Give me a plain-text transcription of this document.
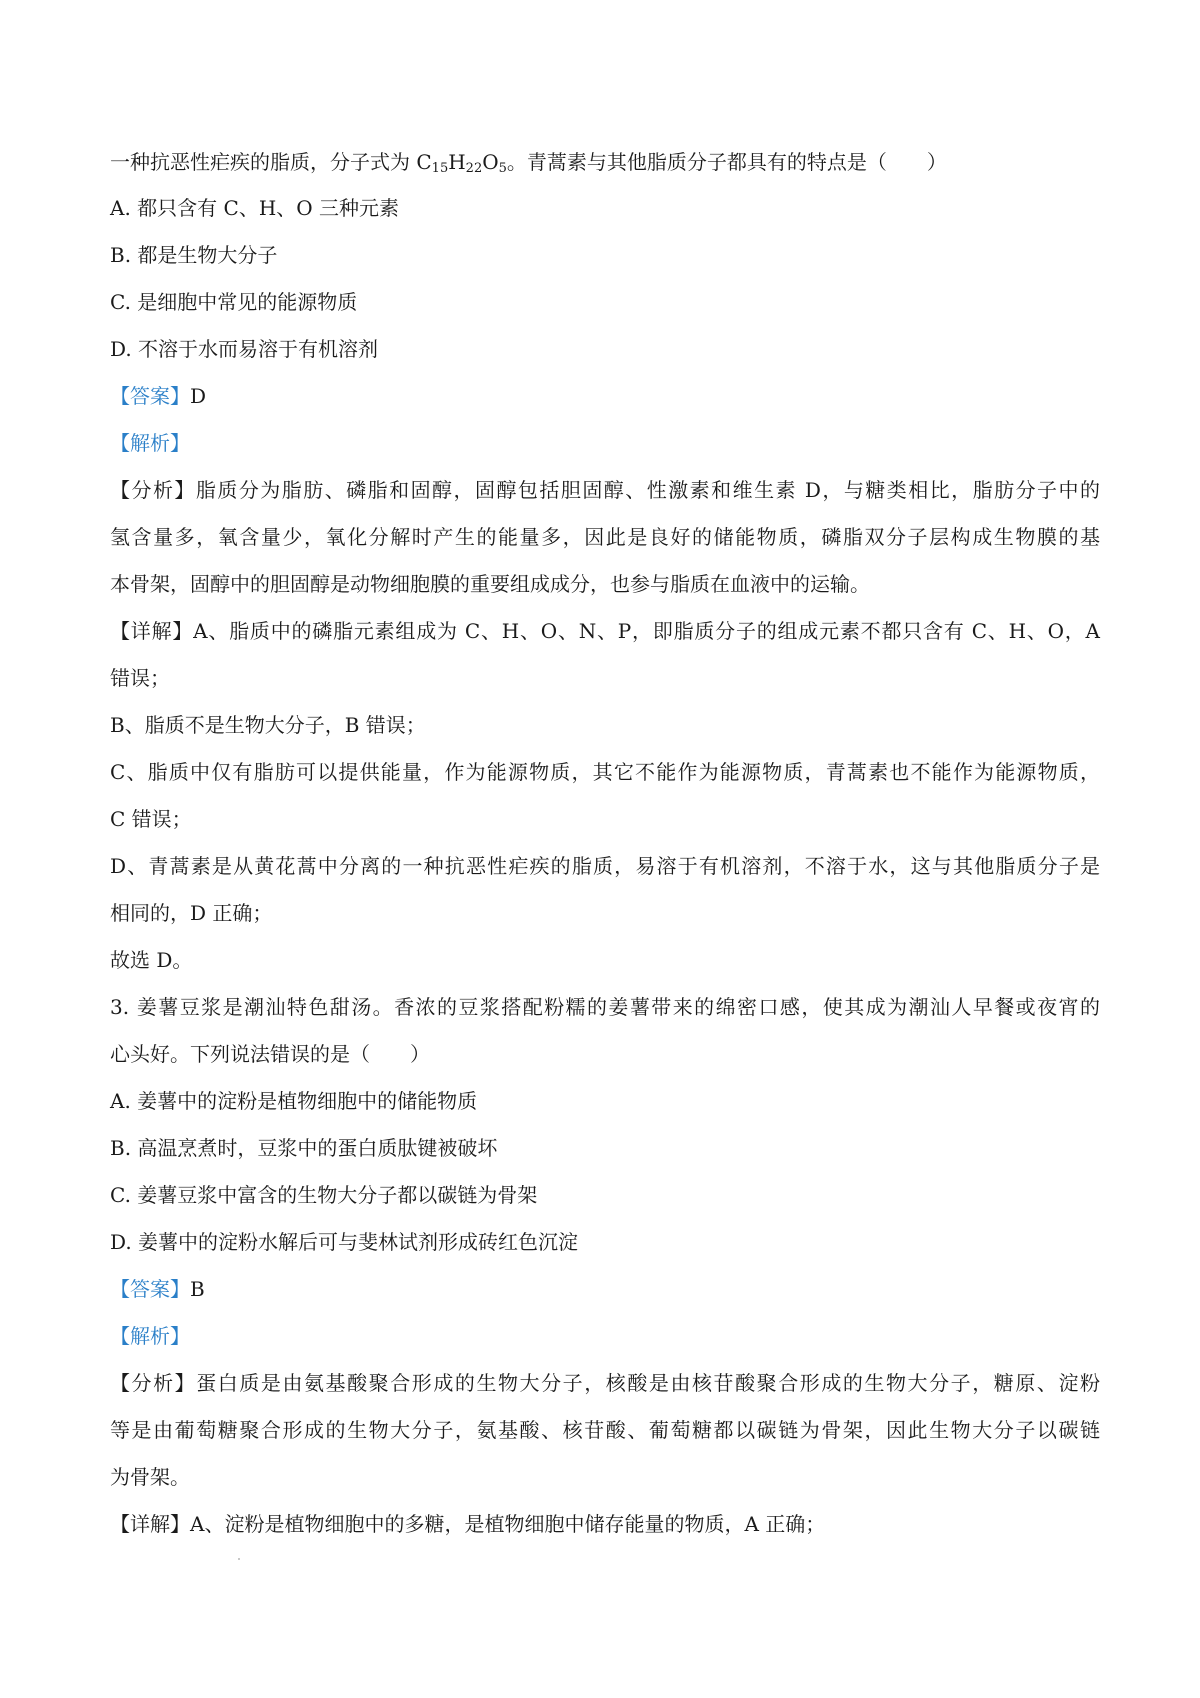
一种抗恶性疟疾的脂质，分子式为 $C_{15}H_{22}O_5$。青蒿素与其他脂质分子都具有的特点是（　　）

A. 都只含有 C、H、O 三种元素

B. 都是生物大分子

C. 是细胞中常见的能源物质

D. 不溶于水而易溶于有机溶剂

【答案】D

【解析】

【分析】脂质分为脂肪、磷脂和固醇，固醇包括胆固醇、性激素和维生素 D，与糖类相比，脂肪分子中的

氢含量多，氧含量少，氧化分解时产生的能量多，因此是良好的储能物质，磷脂双分子层构成生物膜的基

本骨架，固醇中的胆固醇是动物细胞膜的重要组成成分，也参与脂质在血液中的运输。

【详解】A、脂质中的磷脂元素组成为 C、H、O、N、P，即脂质分子的组成元素不都只含有 C、H、O，A

错误；

B、脂质不是生物大分子，B 错误；

C、脂质中仅有脂肪可以提供能量，作为能源物质，其它不能作为能源物质，青蒿素也不能作为能源物质，

C 错误；

D、青蒿素是从黄花蒿中分离的一种抗恶性疟疾的脂质，易溶于有机溶剂，不溶于水，这与其他脂质分子是

相同的，D 正确；

故选 D。

3. 姜薯豆浆是潮汕特色甜汤。香浓的豆浆搭配粉糯的姜薯带来的绵密口感，使其成为潮汕人早餐或夜宵的

心头好。下列说法错误的是（　　）

A. 姜薯中的淀粉是植物细胞中的储能物质

B. 高温烹煮时，豆浆中的蛋白质肽键被破坏

C. 姜薯豆浆中富含的生物大分子都以碳链为骨架

D. 姜薯中的淀粉水解后可与斐林试剂形成砖红色沉淀

【答案】B

【解析】

【分析】蛋白质是由氨基酸聚合形成的生物大分子，核酸是由核苷酸聚合形成的生物大分子，糖原、淀粉

等是由葡萄糖聚合形成的生物大分子，氨基酸、核苷酸、葡萄糖都以碳链为骨架，因此生物大分子以碳链

为骨架。

【详解】A、淀粉是植物细胞中的多糖，是植物细胞中储存能量的物质，A 正确；
